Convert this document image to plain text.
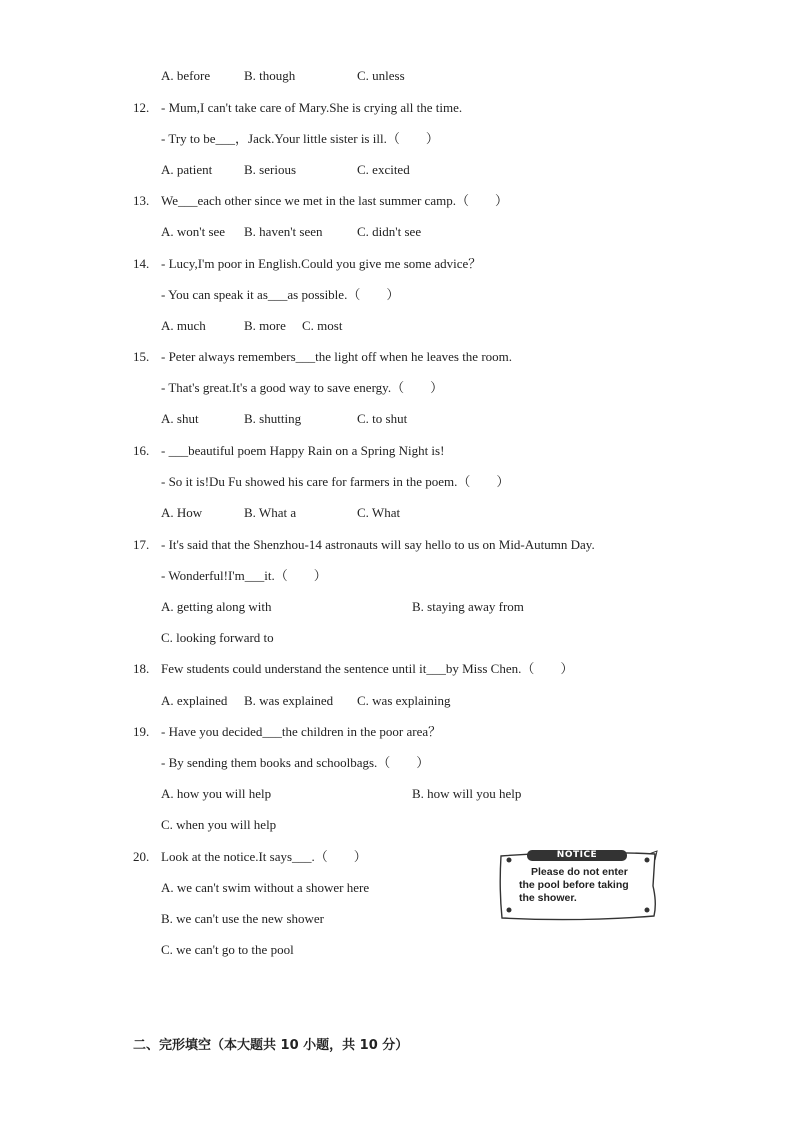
A. before	B. though	C. unless
12. - Mum,I can't take care of Mary.She is crying all the time.
- Try to be___，Jack.Your little sister is ill.（　　）
A. patient B. serious	C. excited
13. We___each other since we met in the last summer camp.（　　）
A. won't see B. haven't seen	C. didn't see
14. - Lucy,I'm poor in English.Could you give me some advice？
- You can speak it as___as possible.（　　）
A. much	B. more C. most
15. - Peter always remembers___the light off when he leaves the room.
- That's great.It's a good way to save energy.（　　）
A. shut	B. shutting	C. to shut
16. - ___beautiful poem Happy Rain on a Spring Night is!
- So it is!Du Fu showed his care for farmers in the poem.（　　）
A. How	B. What a	C. What
17. - It's said that the Shenzhou-14 astronauts will say hello to us on Mid-Autumn Day.
- Wonderful!I'm___it.（　　）
A. getting along with	B. staying away from
C. looking forward to
18. Few students could understand the sentence until it___by Miss Chen.（　　）
A. explained B. was explained C. was explaining
19. - Have you decided___the children in the poor area？
- By sending them books and schoolbags.（　　）
A. how you will help	B. how will you help
C. when you will help
20. Look at the notice.It says___.（　　）
A. we can't swim without a shower here
B. we can't use the new shower
C. we can't go to the pool
NOTICE
Please do not enter
the pool before taking
the shower.
二、完形填空（本大题共 10 小题，共 10 分）
